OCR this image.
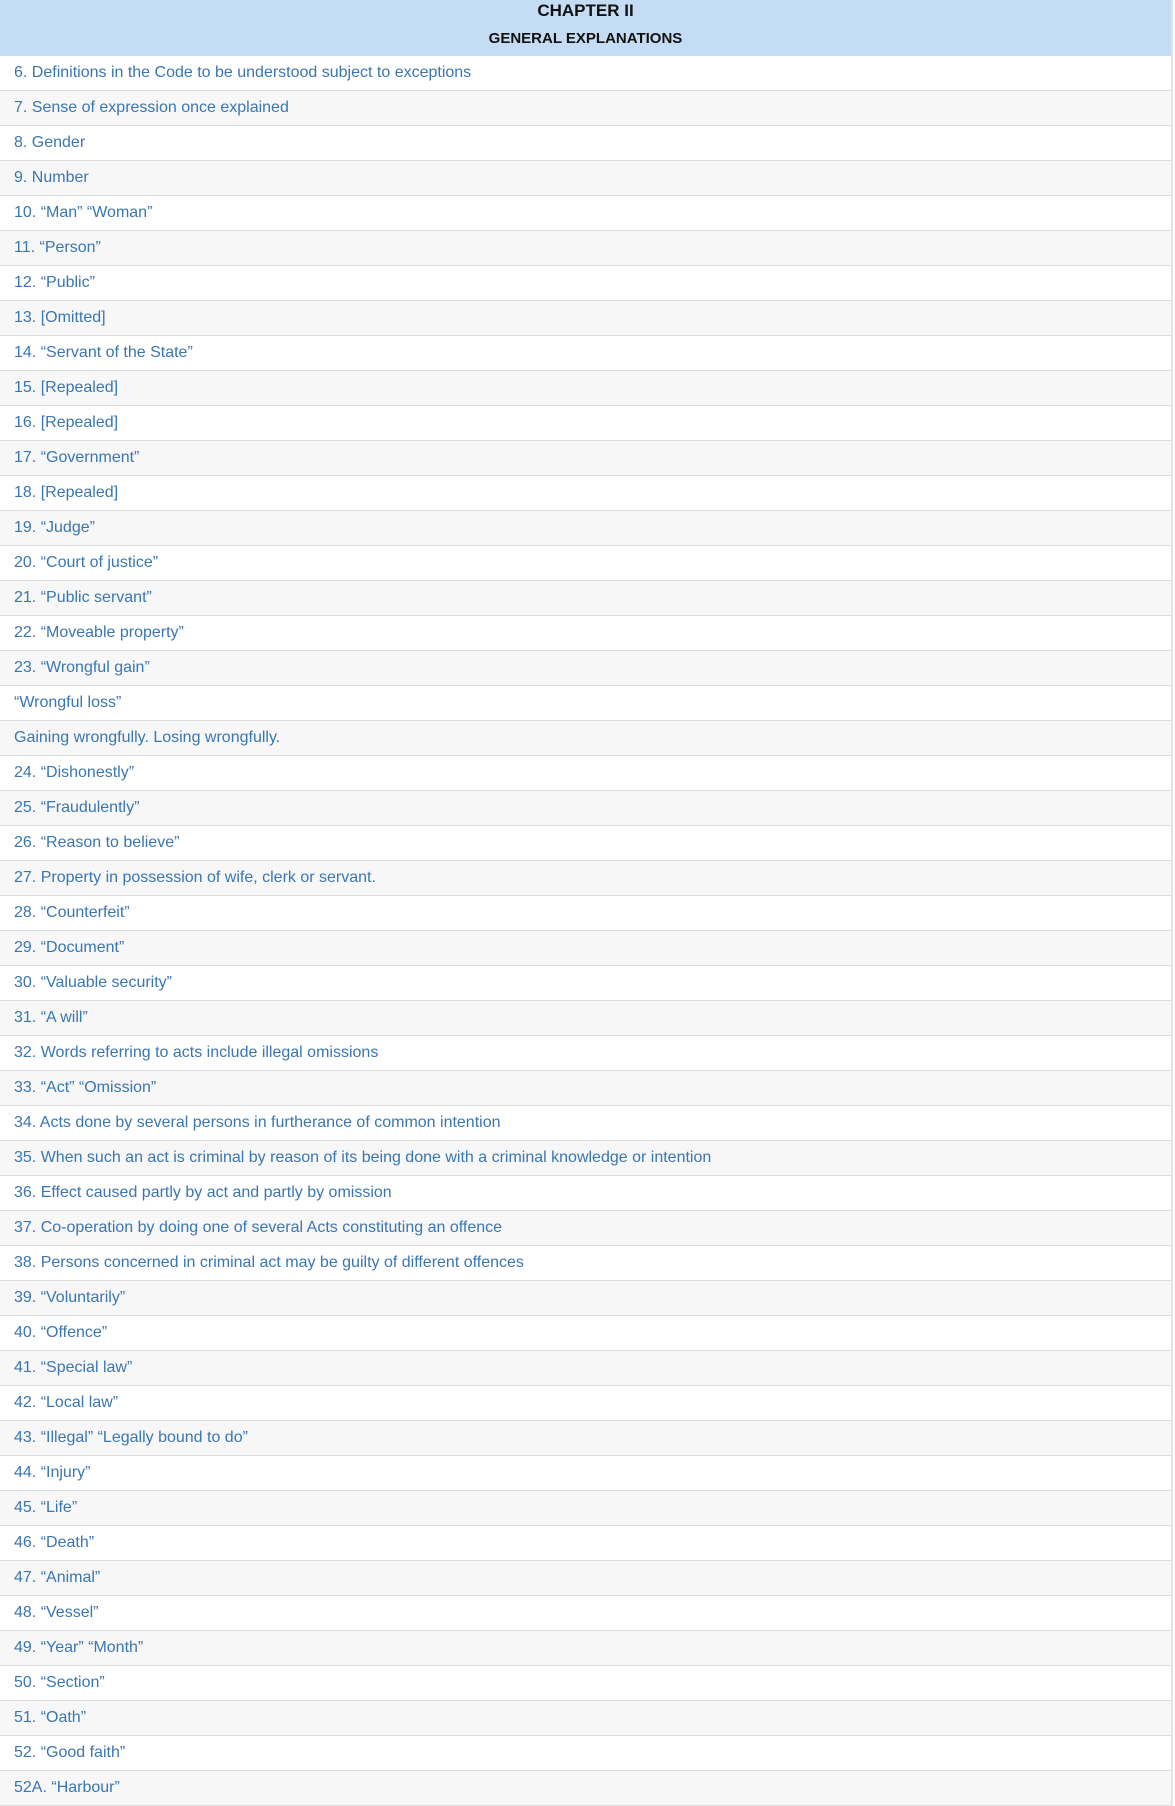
CHAPTER II
GENERAL EXPLANATIONS
6. Definitions in the Code to be understood subject to exceptions
7. Sense of expression once explained
8. Gender
9. Number
10. “Man” “Woman”
11. “Person”
12. “Public”
13. [Omitted]
14. “Servant of the State”
15. [Repealed]
16. [Repealed]
17. “Government”
18. [Repealed]
19. “Judge”
20. “Court of justice”
21. “Public servant”
22. “Moveable property”
23. “Wrongful gain”
“Wrongful loss”
Gaining wrongfully. Losing wrongfully.
24. “Dishonestly”
25. “Fraudulently”
26. “Reason to believe”
27. Property in possession of wife, clerk or servant.
28. “Counterfeit”
29. “Document”
30. “Valuable security”
31. “A will”
32. Words referring to acts include illegal omissions
33. “Act” “Omission”
34. Acts done by several persons in furtherance of common intention
35. When such an act is criminal by reason of its being done with a criminal knowledge or intention
36. Effect caused partly by act and partly by omission
37. Co-operation by doing one of several Acts constituting an offence
38. Persons concerned in criminal act may be guilty of different offences
39. “Voluntarily”
40. “Offence”
41. “Special law”
42. “Local law”
43. “Illegal” “Legally bound to do”
44. “Injury”
45. “Life”
46. “Death”
47. “Animal”
48. “Vessel”
49. “Year” “Month”
50. “Section”
51. “Oath”
52. “Good faith”
52A. “Harbour”
